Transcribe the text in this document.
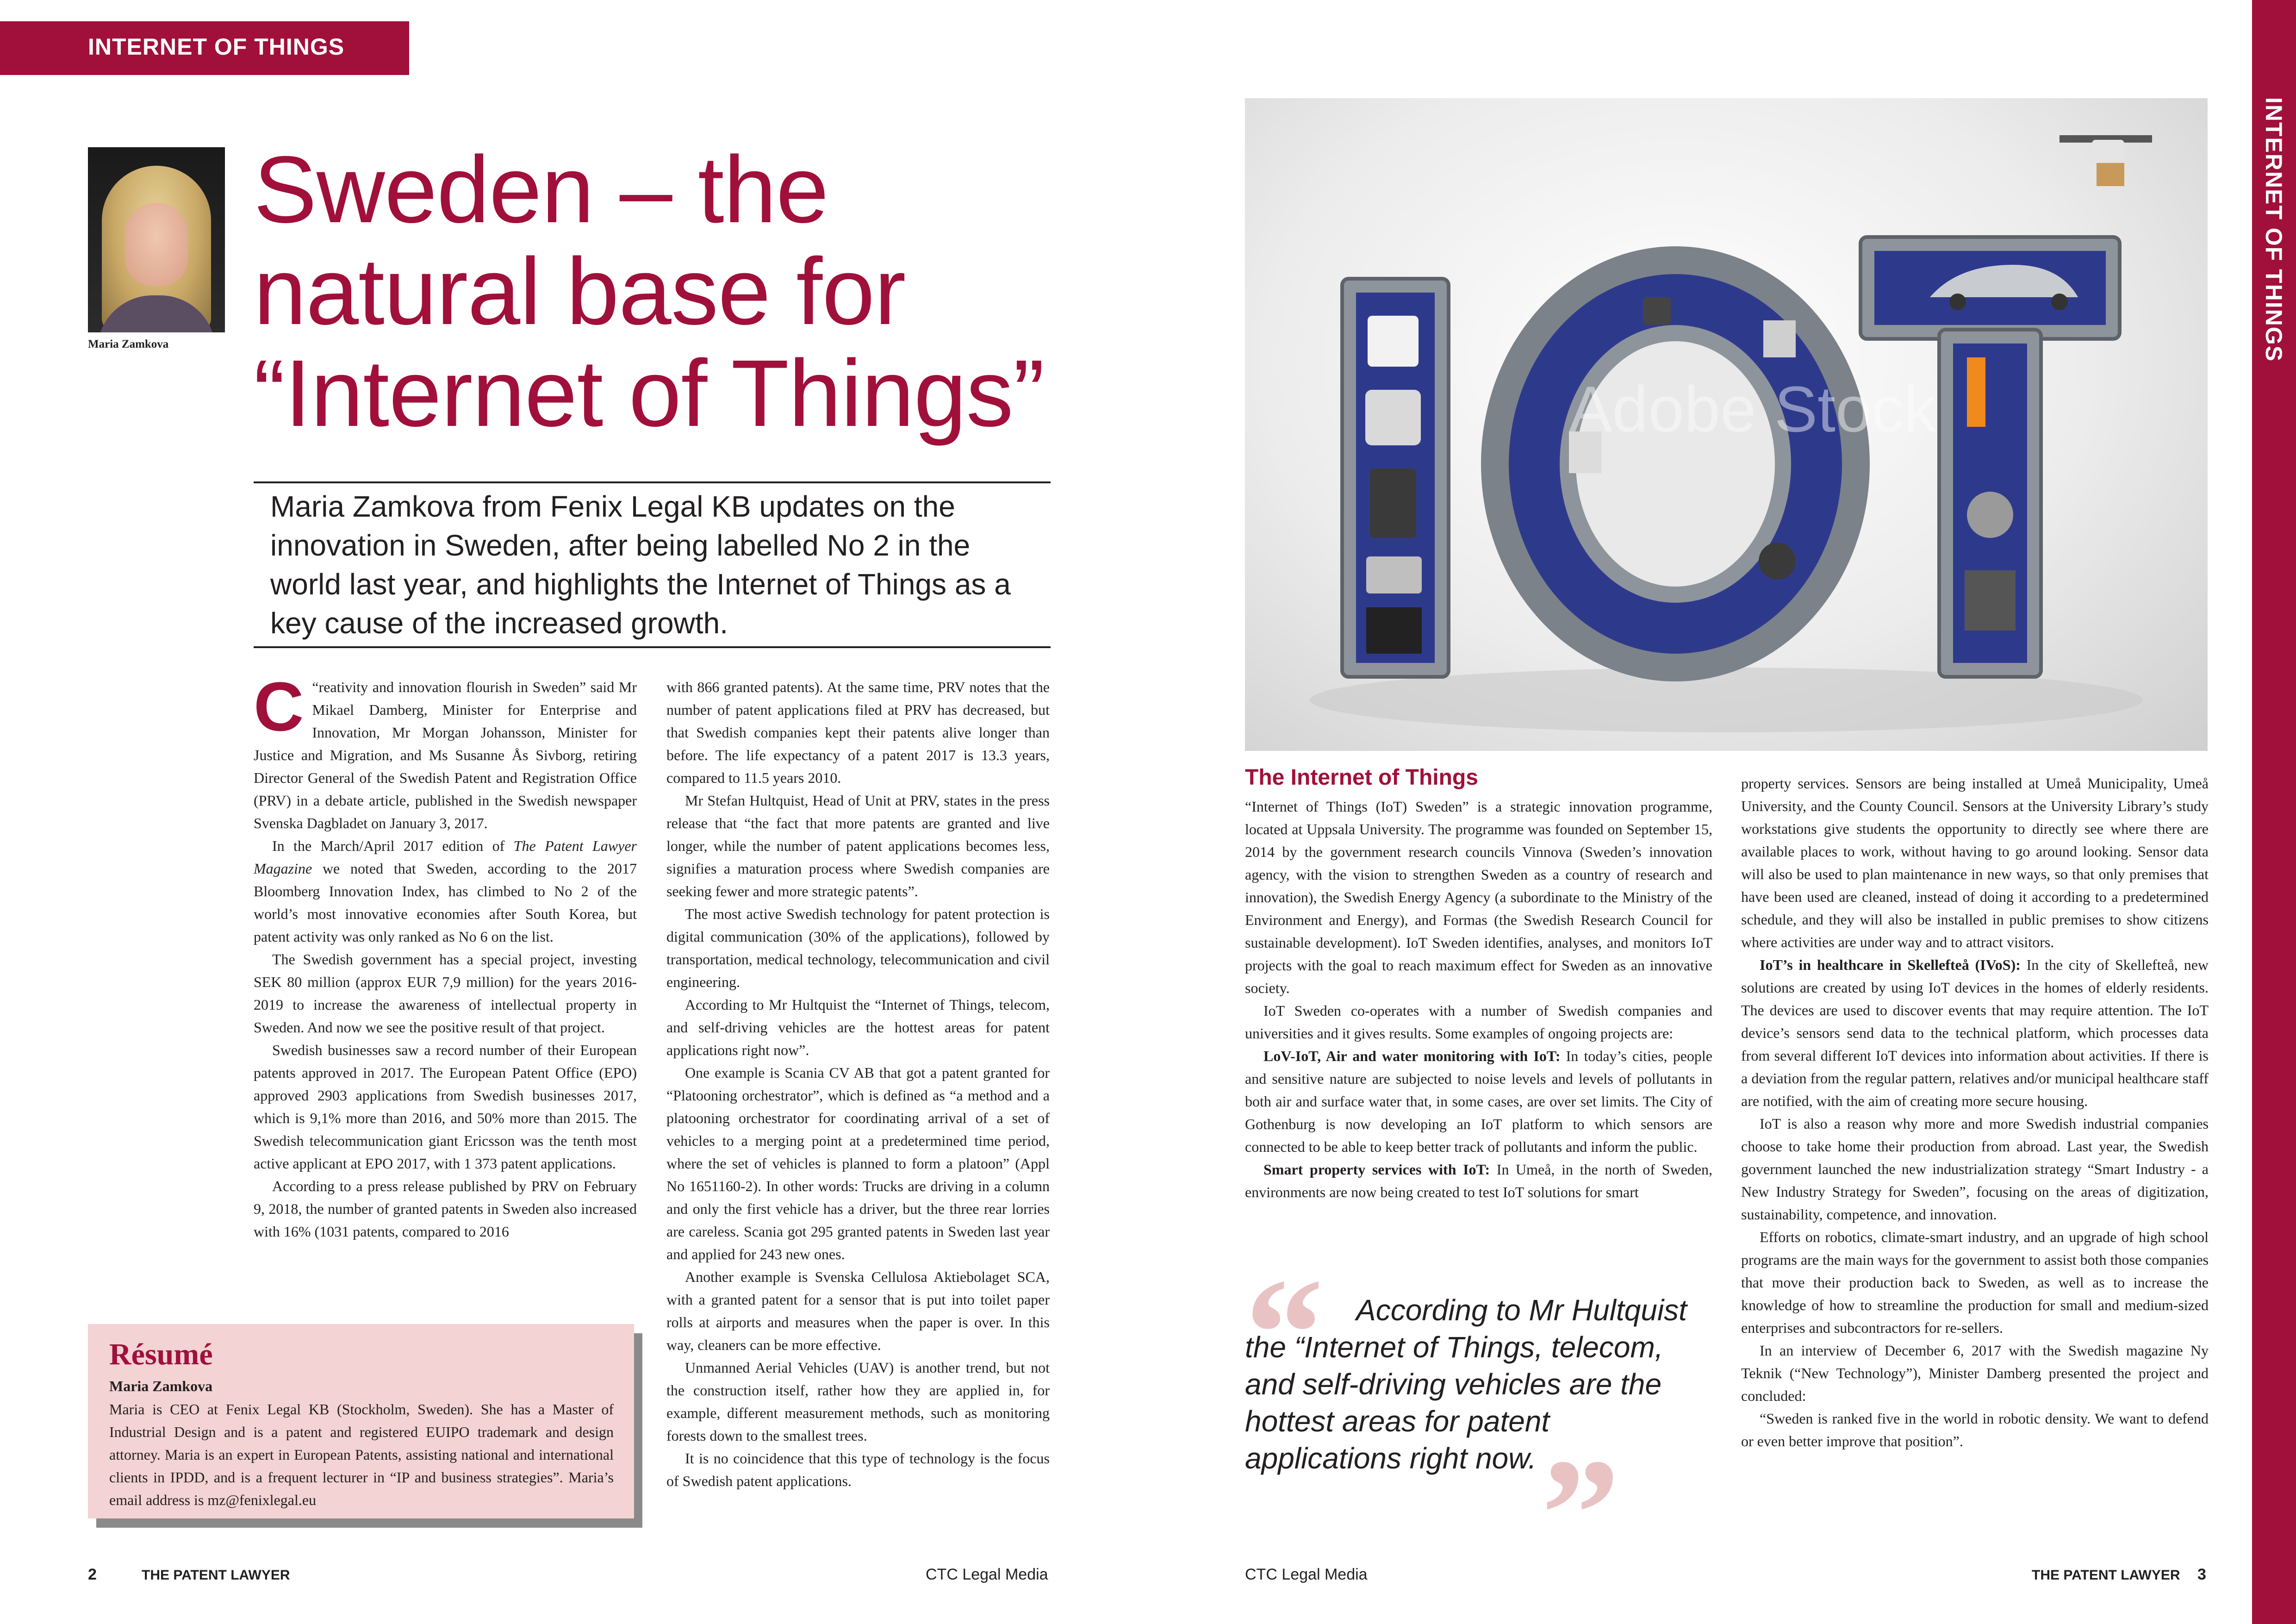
INTERNET OF THINGS
INTERNET OF THINGS
Maria Zamkova
Sweden – the
natural base for
“Internet of Things”
Maria Zamkova from Fenix Legal KB updates on the innovation in Sweden, after being labelled No 2 in the world last year, and highlights the Internet of Things as a key cause of the increased growth.

“
C reativity and innovation flourish in Sweden” said Mr Mikael Damberg, Minister for Enterprise and Innovation, Mr Morgan Johansson, Minister for Justice and Migration, and Ms Susanne Ås Sivborg, retiring Director General of the Swedish Patent and Registration Office (PRV) in a debate article, published in the Swedish newspaper Svenska Dagbladet on January 3, 2017.

In the March/April 2017 edition of The Patent Lawyer Magazine we noted that Sweden, according to the 2017 Bloomberg Innovation Index, has climbed to No 2 of the world’s most innovative economies after South Korea, but patent activity was only ranked as No 6 on the list.

The Swedish government has a special project, investing SEK 80 million (approx EUR 7,9 million) for the years 2016-2019 to increase the awareness of intellectual property in Sweden. And now we see the positive result of that project.

Swedish businesses saw a record number of their European patents approved in 2017. The European Patent Office (EPO) approved 2903 applications from Swedish businesses 2017, which is 9,1% more than 2016, and 50% more than 2015. The Swedish telecommunication giant Ericsson was the tenth most active applicant at EPO 2017, with 1 373 patent applications.

According to a press release published by PRV on February 9, 2018, the number of granted patents in Sweden also increased with 16% (1031 patents, compared to 2016

with 866 granted patents). At the same time, PRV notes that the number of patent applications filed at PRV has decreased, but that Swedish companies kept their patents alive longer than before. The life expectancy of a patent 2017 is 13.3 years, compared to 11.5 years 2010.

Mr Stefan Hultquist, Head of Unit at PRV, states in the press release that “the fact that more patents are granted and live longer, while the number of patent applications becomes less, signifies a maturation process where Swedish companies are seeking fewer and more strategic patents”.

The most active Swedish technology for patent protection is digital communication (30% of the applications), followed by transportation, medical technology, telecommunication and civil engineering.

According to Mr Hultquist the “Internet of Things, telecom, and self-driving vehicles are the hottest areas for patent applications right now”.

One example is Scania CV AB that got a patent granted for “Platooning orchestrator”, which is defined as “a method and a platooning orchestrator for coordinating arrival of a set of vehicles to a merging point at a predetermined time period, where the set of vehicles is planned to form a platoon” (Appl No 1651160-2). In other words: Trucks are driving in a column and only the first vehicle has a driver, but the three rear lorries are careless. Scania got 295 granted patents in Sweden last year and applied for 243 new ones.

Another example is Svenska Cellulosa Aktiebolaget SCA, with a granted patent for a sensor that is put into toilet paper rolls at airports and measures when the paper is over. In this way, cleaners can be more effective.

Unmanned Aerial Vehicles (UAV) is another trend, but not the construction itself, rather how they are applied in, for example, different measurement methods, such as monitoring forests down to the smallest trees.

It is no coincidence that this type of technology is the focus of Swedish patent applications.

Résumé
Maria Zamkova
Maria is CEO at Fenix Legal KB (Stockholm, Sweden). She has a Master of Industrial Design and is a patent and registered EUIPO trademark and design attorney. Maria is an expert in European Patents, assisting national and international clients in IPDD, and is a frequent lecturer in “IP and business strategies”. Maria’s email address is mz@fenixlegal.eu
Adobe Stock
The Internet of Things

“Internet of Things (IoT) Sweden” is a strategic innovation programme, located at Uppsala University. The programme was founded on September 15, 2014 by the government research councils Vinnova (Sweden’s innovation agency, with the vision to strengthen Sweden as a country of research and innovation), the Swedish Energy Agency (a subordinate to the Ministry of the Environment and Energy), and Formas (the Swedish Research Council for sustainable development). IoT Sweden identifies, analyses, and monitors IoT projects with the goal to reach maximum effect for Sweden as an innovative society.

IoT Sweden co-operates with a number of Swedish companies and universities and it gives results. Some examples of ongoing projects are:

LoV-IoT, Air and water monitoring with IoT: In today’s cities, people and sensitive nature are subjected to noise levels and levels of pollutants in both air and surface water that, in some cases, are over set limits. The City of Gothenburg is now developing an IoT platform to which sensors are connected to be able to keep better track of pollutants and inform the public.

Smart property services with IoT: In Umeå, in the north of Sweden, environments are now being created to test IoT solutions for smart

“
”
According to Mr Hultquist the “Internet of Things, telecom, and self-driving vehicles are the hottest areas for patent applications right now.

property services. Sensors are being installed at Umeå Municipality, Umeå University, and the County Council. Sensors at the University Library’s study workstations give students the opportunity to directly see where there are available places to work, without having to go around looking. Sensor data will also be used to plan maintenance in new ways, so that only premises that have been used are cleaned, instead of doing it according to a predetermined schedule, and they will also be installed in public premises to show citizens where activities are under way and to attract visitors.

IoT’s in healthcare in Skellefteå (IVoS): In the city of Skellefteå, new solutions are created by using IoT devices in the homes of elderly residents. The devices are used to discover events that may require attention. The IoT device’s sensors send data to the technical platform, which processes data from several different IoT devices into information about activities. If there is a deviation from the regular pattern, relatives and/or municipal healthcare staff are notified, with the aim of creating more secure housing.

IoT is also a reason why more and more Swedish industrial companies choose to take home their production from abroad. Last year, the Swedish government launched the new industrialization strategy “Smart Industry - a New Industry Strategy for Sweden”, focusing on the areas of digitization, sustainability, competence, and innovation.

Efforts on robotics, climate-smart industry, and an upgrade of high school programs are the main ways for the government to assist both those companies that move their production back to Sweden, as well as to increase the knowledge of how to streamline the production for small and medium-sized enterprises and subcontractors for re-sellers.

In an interview of December 6, 2017 with the Swedish magazine Ny Teknik (“New Technology”), Minister Damberg presented the project and concluded:

“Sweden is ranked five in the world in robotic density. We want to defend or even better improve that position”.

2	THE PATENT LAWYER	CTC Legal Media	CTC Legal Media	THE PATENT LAWYER 3
